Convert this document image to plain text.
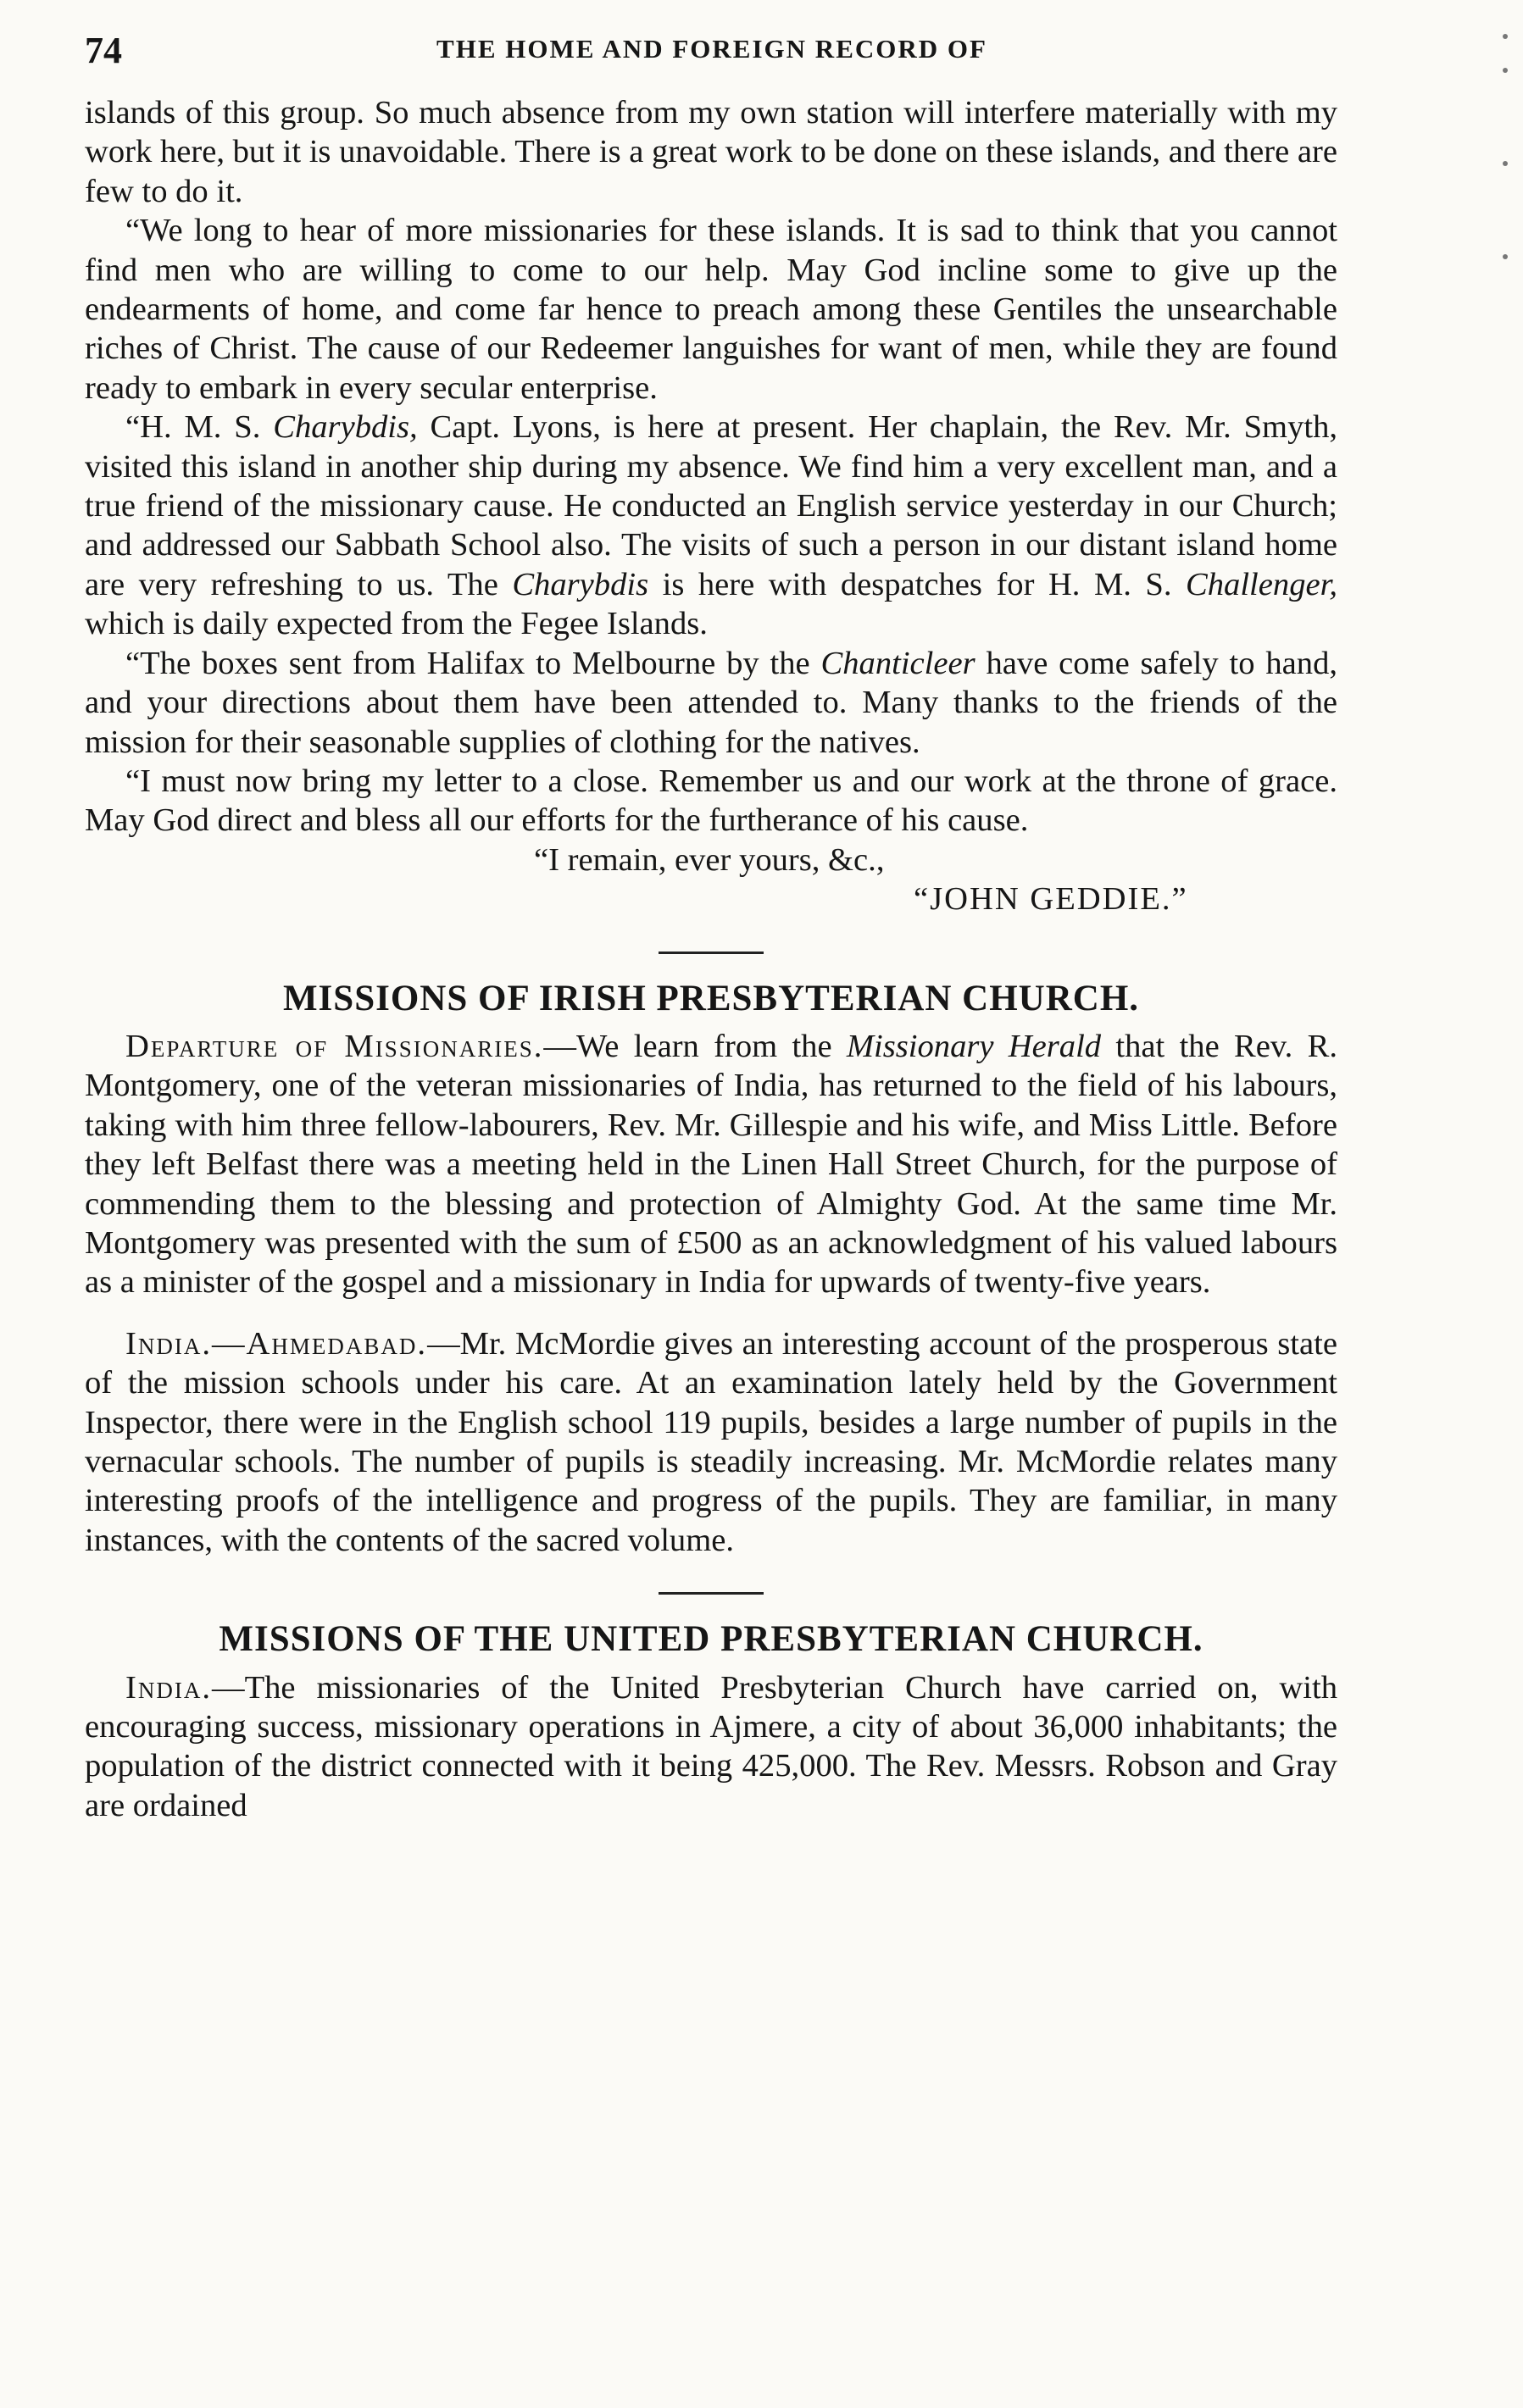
74	THE HOME AND FOREIGN RECORD OF

islands of this group. So much absence from my own station will interfere materially with my work here, but it is unavoidable. There is a great work to be done on these islands, and there are few to do it.

“We long to hear of more missionaries for these islands. It is sad to think that you cannot find men who are willing to come to our help. May God incline some to give up the endearments of home, and come far hence to preach among these Gentiles the unsearchable riches of Christ. The cause of our Redeemer languishes for want of men, while they are found ready to embark in every secular enterprise.

“H. M. S. Charybdis, Capt. Lyons, is here at present. Her chaplain, the Rev. Mr. Smyth, visited this island in another ship during my absence. We find him a very excellent man, and a true friend of the missionary cause. He conducted an English service yesterday in our Church; and addressed our Sabbath School also. The visits of such a person in our distant island home are very refreshing to us. The Charybdis is here with despatches for H. M. S. Challenger, which is daily expected from the Fegee Islands.

“The boxes sent from Halifax to Melbourne by the Chanticleer have come safely to hand, and your directions about them have been attended to. Many thanks to the friends of the mission for their seasonable supplies of clothing for the natives.

“I must now bring my letter to a close. Remember us and our work at the throne of grace. May God direct and bless all our efforts for the furtherance of his cause.

“I remain, ever yours, &c.,

“JOHN GEDDIE.”

MISSIONS OF IRISH PRESBYTERIAN CHURCH.

Departure of Missionaries.—We learn from the Missionary Herald that the Rev. R. Montgomery, one of the veteran missionaries of India, has returned to the field of his labours, taking with him three fellow-labourers, Rev. Mr. Gillespie and his wife, and Miss Little. Before they left Belfast there was a meeting held in the Linen Hall Street Church, for the purpose of commending them to the blessing and protection of Almighty God. At the same time Mr. Montgomery was presented with the sum of £500 as an acknowledgment of his valued labours as a minister of the gospel and a missionary in India for upwards of twenty-five years.

India.—Ahmedabad.—Mr. McMordie gives an interesting account of the prosperous state of the mission schools under his care. At an examination lately held by the Government Inspector, there were in the English school 119 pupils, besides a large number of pupils in the vernacular schools. The number of pupils is steadily increasing. Mr. McMordie relates many interesting proofs of the intelligence and progress of the pupils. They are familiar, in many instances, with the contents of the sacred volume.

MISSIONS OF THE UNITED PRESBYTERIAN CHURCH.

India.—The missionaries of the United Presbyterian Church have carried on, with encouraging success, missionary operations in Ajmere, a city of about 36,000 inhabitants; the population of the district connected with it being 425,000. The Rev. Messrs. Robson and Gray are ordained
